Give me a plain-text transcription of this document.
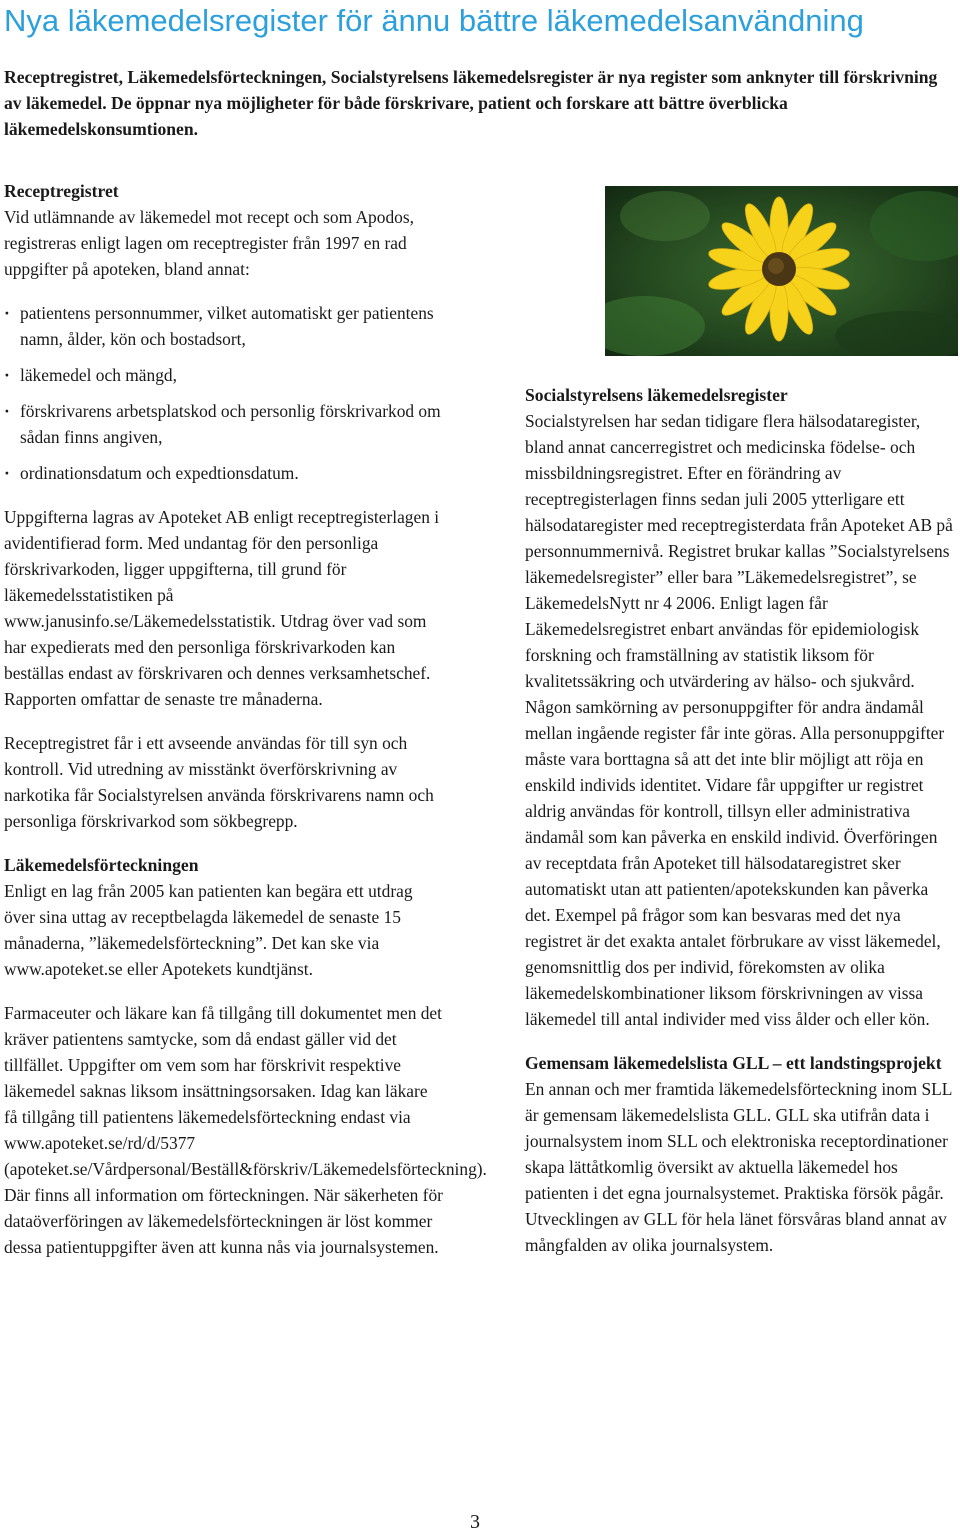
Nya läkemedelsregister för ännu bättre läkemedelsanvändning

Receptregistret, Läkemedelsförteckningen, Socialstyrelsens läkemedelsregister är nya register som anknyter till förskrivning av läkemedel. De öppnar nya möjligheter för både förskrivare, patient och forskare att bättre överblicka läkemedelskonsumtionen.

Receptregistret

Vid utlämnande av läkemedel mot recept och som Apodos, registreras enligt lagen om receptregister från 1997 en rad uppgifter på apoteken, bland annat:

· patientens personnummer, vilket automatiskt ger patientens namn, ålder, kön och bostadsort,
· läkemedel och mängd,
· förskrivarens arbetsplatskod och personlig förskrivarkod om sådan finns angiven,
· ordinationsdatum och expedtionsdatum.

Uppgifterna lagras av Apoteket AB enligt receptregisterlagen i avidentifierad form. Med undantag för den personliga förskrivarkoden, ligger uppgifterna, till grund för läkemedelsstatistiken på www.janusinfo.se/Läkemedelsstatistik. Utdrag över vad som har expedierats med den personliga förskrivarkoden kan beställas endast av förskrivaren och dennes verksamhetschef. Rapporten omfattar de senaste tre månaderna.

Receptregistret får i ett avseende användas för till syn och kontroll. Vid utredning av misstänkt överförskrivning av narkotika får Socialstyrelsen använda förskrivarens namn och personliga förskrivarkod som sökbegrepp.

Läkemedelsförteckningen

Enligt en lag från 2005 kan patienten kan begära ett utdrag över sina uttag av receptbelagda läkemedel de senaste 15 månaderna, ”läkemedelsförteckning”. Det kan ske via www.apoteket.se eller Apotekets kundtjänst.

Farmaceuter och läkare kan få tillgång till dokumentet men det kräver patientens samtycke, som då endast gäller vid det tillfället. Uppgifter om vem som har förskrivit respektive läkemedel saknas liksom insättningsorsaken. Idag kan läkare få tillgång till patientens läkemedelsförteckning endast via www.apoteket.se/rd/d/5377 (apoteket.se/Vårdpersonal/Beställ&förskriv/Läkemedelsförteckning). Där finns all information om förteckningen. När säkerheten för dataöverföringen av läkemedelsförteckningen är löst kommer dessa patientuppgifter även att kunna nås via journalsystemen.

Socialstyrelsens läkemedelsregister

Socialstyrelsen har sedan tidigare flera hälsodataregister, bland annat cancerregistret och medicinska födelse- och missbildningsregistret. Efter en förändring av receptregisterlagen finns sedan juli 2005 ytterligare ett hälsodataregister med receptregisterdata från Apoteket AB på personnummernivå. Registret brukar kallas ”Socialstyrelsens läkemedelsregister” eller bara ”Läkemedelsregistret”, se LäkemedelsNytt nr 4 2006. Enligt lagen får Läkemedelsregistret enbart användas för epidemiologisk forskning och framställning av statistik liksom för kvalitetssäkring och utvärdering av hälso- och sjukvård. Någon samkörning av personuppgifter för andra ändamål mellan ingående register får inte göras. Alla personuppgifter måste vara borttagna så att det inte blir möjligt att röja en enskild individs identitet. Vidare får uppgifter ur registret aldrig användas för kontroll, tillsyn eller administrativa ändamål som kan påverka en enskild individ. Överföringen av receptdata från Apoteket till hälsodataregistret sker automatiskt utan att patienten/apotekskunden kan påverka det. Exempel på frågor som kan besvaras med det nya registret är det exakta antalet förbrukare av visst läkemedel, genomsnittlig dos per individ, förekomsten av olika läkemedelskombinationer liksom förskrivningen av vissa läkemedel till antal individer med viss ålder och eller kön.

Gemensam läkemedelslista GLL – ett landstingsprojekt

En annan och mer framtida läkemedelsförteckning inom SLL är gemensam läkemedelslista GLL. GLL ska utifrån data i journalsystem inom SLL och elektroniska receptordinationer skapa lättåtkomlig översikt av aktuella läkemedel hos patienten i det egna journalsystemet. Praktiska försök pågår. Utvecklingen av GLL för hela länet försvåras bland annat av mångfalden av olika journalsystem.

3
